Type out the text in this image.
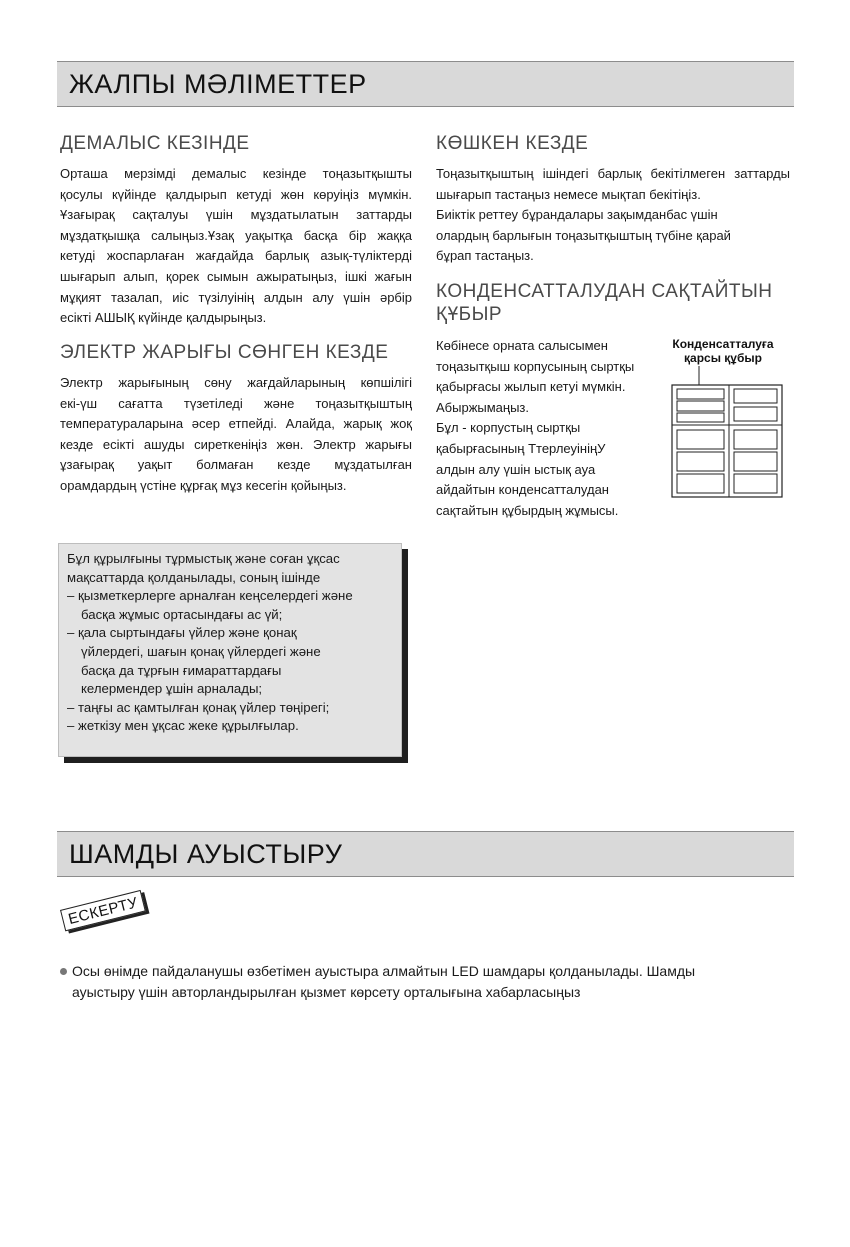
ЖАЛПЫ МӘЛІМЕТТЕР
ДЕМАЛЫС КЕЗІНДЕ
Орташа мерзімді демалыс кезінде тоңазытқышты
қосулы күйінде қалдырып кетуді жөн көруіңіз мүмкін.
Ұзағырақ сақталуы үшін мұздатылатын заттарды
мұздатқышқа салыңыз.Ұзақ уақытқа басқа бір жаққа
кетуді жоспарлаған жағдайда барлық азық-түліктерді
шығарып алып, қорек сымын ажыратыңыз, ішкі жағын
мұқият тазалап, иіс түзілуінің алдын алу үшін әрбір
есікті АШЫҚ күйінде қалдырыңыз.
ЭЛЕКТР ЖАРЫҒЫ СӨНГЕН КЕЗДЕ
Электр жарығының сөну жағдайларының көпшілігі
екі-үш сағатта түзетіледі және тоңазытқыштың
температураларына әсер етпейді. Алайда, жарық жоқ
кезде есікті ашуды сиреткеніңіз жөн. Электр жарығы
ұзағырақ уақыт болмаған кезде мұздатылған
орамдардың үстіне құрғақ мұз кесегін қойыңыз.
КӨШКЕН КЕЗДЕ
Тоңазытқыштың ішіндегі барлық бекітілмеген заттарды
шығарып тастаңыз немесе мықтап бекітіңіз.
Биіктік реттеу бұрандалары зақымданбас үшін
олардың барлығын тоңазытқыштың түбіне қарай
бұрап тастаңыз.
КОНДЕНСАТТАЛУДАН САҚТАЙТЫН
ҚҰБЫР
Көбінесе орната салысымен
тоңазытқыш корпусының сыртқы
қабырғасы жылып кетуі мүмкін.
Абыржымаңыз.
Бұл - корпустың сыртқы
қабырғасының ТтерлеуініңУ
алдын алу үшін ыстық ауа
айдайтын конденсатталудан
сақтайтын құбырдың жұмысы.
Конденсатталуға
қарсы құбыр
Бұл құрылғыны тұрмыстық және соған ұқсас
мақсаттарда қолданылады, соның ішінде
– қызметкерлерге арналған кеңселердегі және
басқа жұмыс ортасындағы ас үй;
– қала сыртындағы үйлер және қонақ
үйлердегі, шағын қонақ үйлердегі және
басқа да тұрғын ғимараттардағы
келермендер ұшін арналады;
– таңғы ас қамтылған қонақ үйлер төңірегі;
– жеткізу мен ұқсас жеке құрылғылар.
ШАМДЫ АУЫСТЫРУ
ЕСКЕРТУ
Осы өнімде пайдаланушы өзбетімен ауыстыра алмайтын LED шамдары қолданылады. Шамды
ауыстыру үшін авторландырылған қызмет көрсету орталығына хабарласыңыз
